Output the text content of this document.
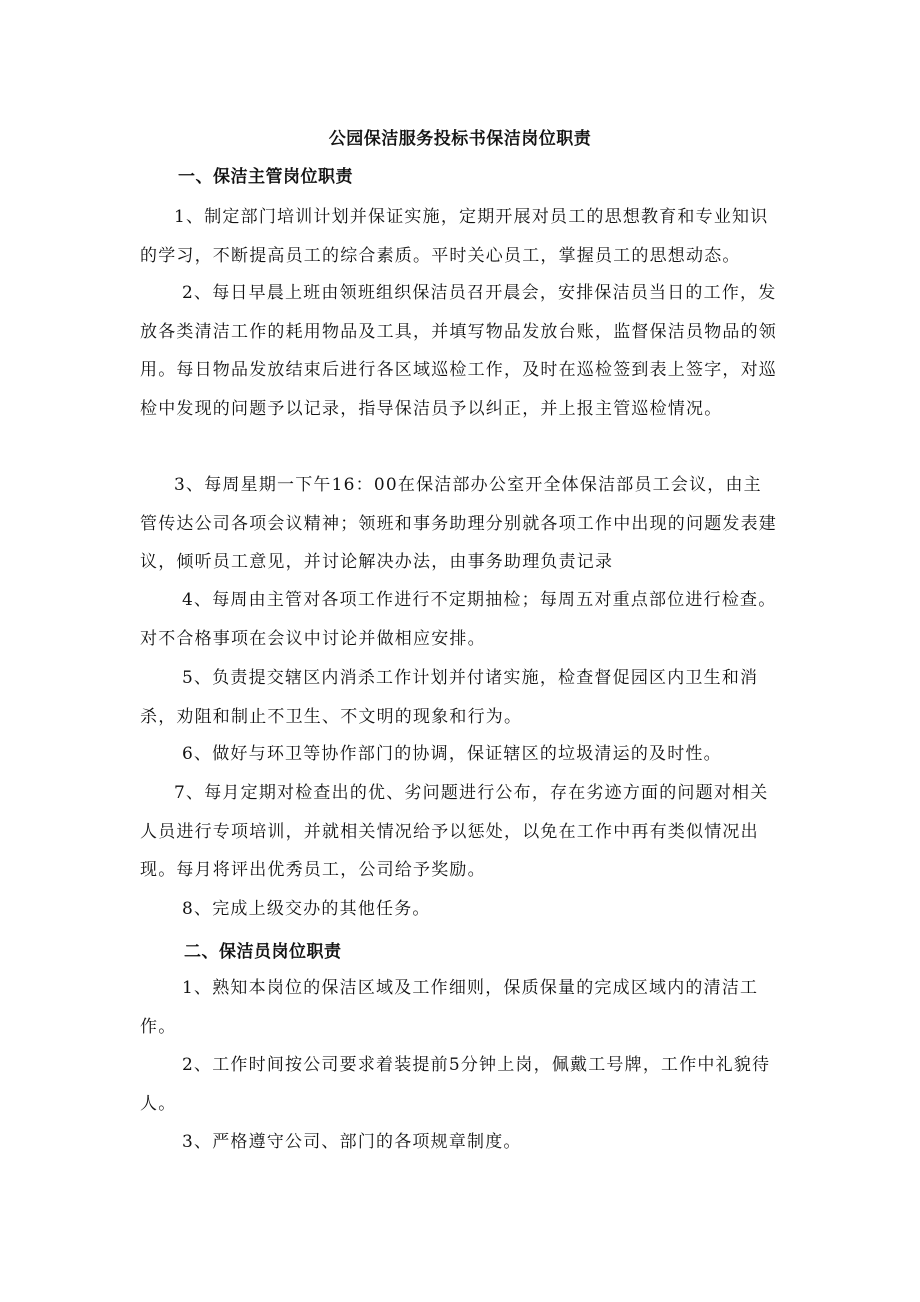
公园保洁服务投标书保洁岗位职责
一、保洁主管岗位职责
1、制定部门培训计划并保证实施，定期开展对员工的思想教育和专业知识的学习，不断提高员工的综合素质。平时关心员工，掌握员工的思想动态。
2、每日早晨上班由领班组织保洁员召开晨会，安排保洁员当日的工作，发放各类清洁工作的耗用物品及工具，并填写物品发放台账，监督保洁员物品的领用。每日物品发放结束后进行各区域巡检工作，及时在巡检签到表上签字，对巡检中发现的问题予以记录，指导保洁员予以纠正，并上报主管巡检情况。
3、每周星期一下午16：00在保洁部办公室开全体保洁部员工会议，由主管传达公司各项会议精神；领班和事务助理分别就各项工作中出现的问题发表建议，倾听员工意见，并讨论解决办法，由事务助理负责记录
4、每周由主管对各项工作进行不定期抽检；每周五对重点部位进行检查。对不合格事项在会议中讨论并做相应安排。
5、负责提交辖区内消杀工作计划并付诸实施，检查督促园区内卫生和消杀，劝阻和制止不卫生、不文明的现象和行为。
6、做好与环卫等协作部门的协调，保证辖区的垃圾清运的及时性。
7、每月定期对检查出的优、劣问题进行公布，存在劣迹方面的问题对相关人员进行专项培训，并就相关情况给予以惩处，以免在工作中再有类似情况出现。每月将评出优秀员工，公司给予奖励。
8、完成上级交办的其他任务。
二、保洁员岗位职责
1、熟知本岗位的保洁区域及工作细则，保质保量的完成区域内的清洁工作。
2、工作时间按公司要求着装提前5分钟上岗，佩戴工号牌，工作中礼貌待人。
3、严格遵守公司、部门的各项规章制度。
